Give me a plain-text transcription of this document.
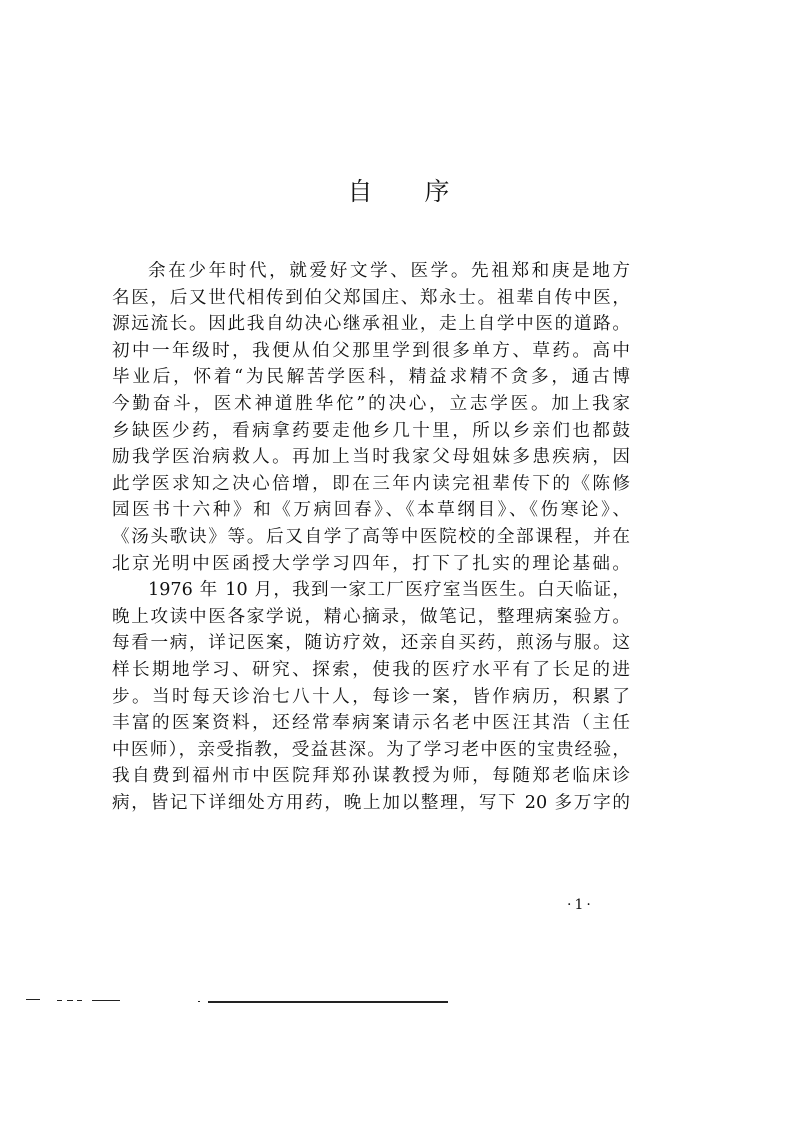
自 序
余在少年时代，就爱好文学、医学。先祖郑和庚是地方
名医，后又世代相传到伯父郑国庄、郑永士。祖辈自传中医，
源远流长。因此我自幼决心继承祖业，走上自学中医的道路。
初中一年级时，我便从伯父那里学到很多单方、草药。高中
毕业后，怀着“为民解苦学医科，精益求精不贪多，通古博
今勤奋斗，医术神道胜华佗”的决心，立志学医。加上我家
乡缺医少药，看病拿药要走他乡几十里，所以乡亲们也都鼓
励我学医治病救人。再加上当时我家父母姐妹多患疾病，因
此学医求知之决心倍增，即在三年内读完祖辈传下的《陈修
园医书十六种》和《万病回春》、《本草纲目》、《伤寒论》、
《汤头歌诀》等。后又自学了高等中医院校的全部课程，并在
北京光明中医函授大学学习四年，打下了扎实的理论基础。
1976 年 10 月，我到一家工厂医疗室当医生。白天临证，
晚上攻读中医各家学说，精心摘录，做笔记，整理病案验方。
每看一病，详记医案，随访疗效，还亲自买药，煎汤与服。这
样长期地学习、研究、探索，使我的医疗水平有了长足的进
步。当时每天诊治七八十人，每诊一案，皆作病历，积累了
丰富的医案资料，还经常奉病案请示名老中医汪其浩（主任
中医师），亲受指教，受益甚深。为了学习老中医的宝贵经验，
我自费到福州市中医院拜郑孙谋教授为师，每随郑老临床诊
病，皆记下详细处方用药，晚上加以整理，写下 20 多万字的
·1·
